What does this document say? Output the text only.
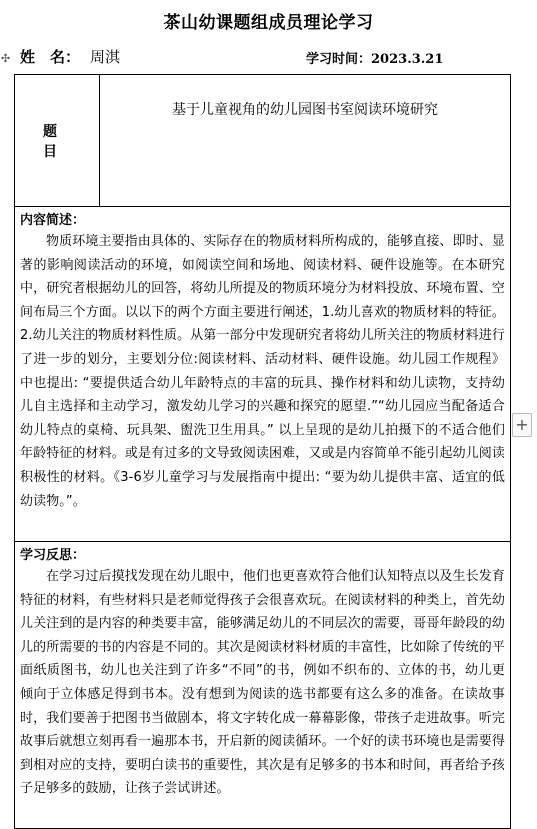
茶山幼课题组成员理论学习
✣ 姓　名： 周淇	学习时间：2023.3.21
题　目	基于儿童视角的幼儿园图书室阅读环境研究

内容简述：
物质环境主要指由具体的、实际存在的物质材料所构成的，能够直接、即时、显著的影响阅读活动的环境，如阅读空间和场地、阅读材料、硬件设施等。在本研究中，研究者根据幼儿的回答，将幼儿所提及的物质环境分为材料投放、环境布置、空间布局三个方面。以以下的两个方面主要进行阐述，1.幼儿喜欢的物质材料的特征。2.幼儿关注的物质材料性质。从第一部分中发现研究者将幼儿所关注的物质材料进行了进一步的划分，主要划分位:阅读材料、活动材料、硬件设施。幼儿园工作规程》中也提出: “要提供适合幼儿年龄特点的丰富的玩具、操作材料和幼儿读物，支持幼儿自主选择和主动学习，激发幼儿学习的兴趣和探究的愿望.”“幼儿园应当配备适合幼儿特点的桌椅、玩具架、盥洗卫生用具。” 以上呈现的是幼儿拍摄下的不适合他们年龄特征的材料。或是有过多的文导致阅读困难，又或是内容简单不能引起幼儿阅读积极性的材料。《3-6岁儿童学习与发展指南中提出: “要为幼儿提供丰富、适宜的低幼读物。”。

学习反思：
在学习过后摸找发现在幼儿眼中，他们也更喜欢符合他们认知特点以及生长发育特征的材料，有些材料只是老师觉得孩子会很喜欢玩。在阅读材料的种类上，首先幼儿关注到的是内容的种类要丰富，能够满足幼儿的不同层次的需要，哥哥年龄段的幼儿的所需要的书的内容是不同的。其次是阅读材料材质的丰富性，比如除了传统的平面纸质图书，幼儿也关注到了许多“不同”的书，例如不织布的、立体的书，幼儿更倾向于立体感足得到书本。没有想到为阅读的选书都要有这么多的准备。在读故事时，我们要善于把图书当做剧本，将文字转化成一幕幕影像，带孩子走进故事。听完故事后就想立刻再看一遍那本书，开启新的阅读循环。一个好的读书环境也是需要得到相对应的支持，要明白读书的重要性，其次是有足够多的书本和时间，再者给予孩子足够多的鼓励，让孩子尝试讲述。
+
